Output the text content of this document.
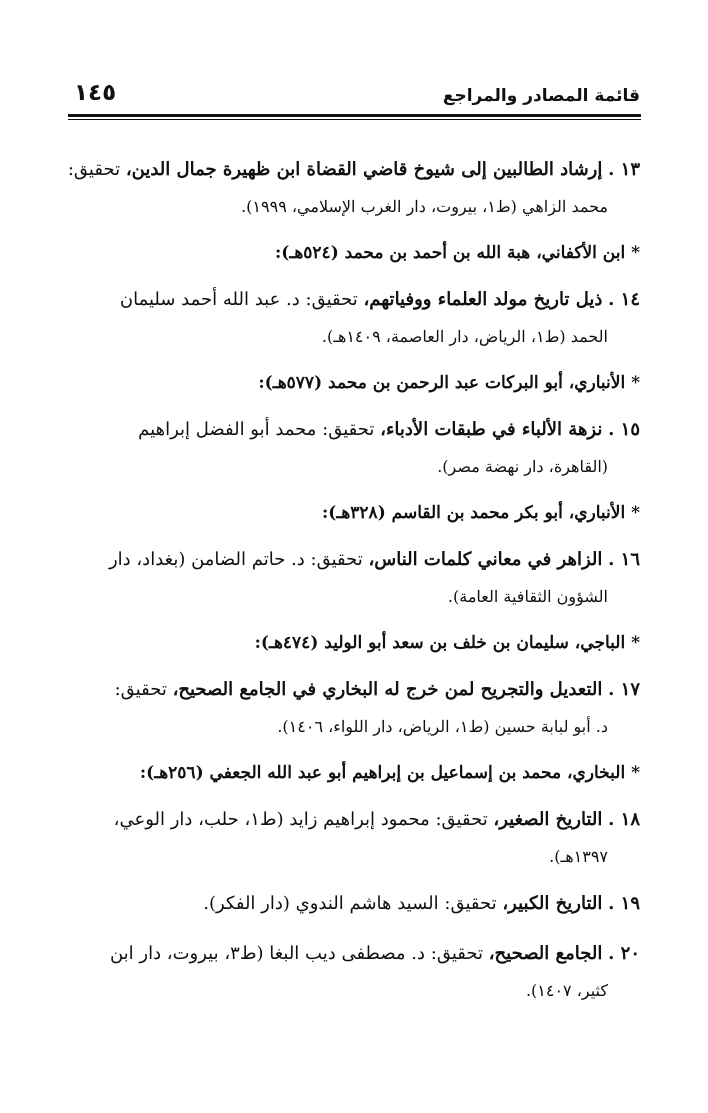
قائمة المصادر والمراجع
١٤٥
١٣ . إرشاد الطالبين إلى شيوخ قاضي القضاة ابن ظهيرة جمال الدين، تحقيق:
محمد الزاهي (ط١، بيروت، دار الغرب الإسلامي، ١٩٩٩).
* ابن الأكفاني، هبة الله بن أحمد بن محمد (٥٢٤هـ):
١٤ . ذيل تاريخ مولد العلماء ووفياتهم، تحقيق: د. عبد الله أحمد سليمان
الحمد (ط١، الرياض، دار العاصمة، ١٤٠٩هـ).
* الأنباري، أبو البركات عبد الرحمن بن محمد (٥٧٧هـ):
١٥ . نزهة الألباء في طبقات الأدباء، تحقيق: محمد أبو الفضل إبراهيم
(القاهرة، دار نهضة مصر).
* الأنباري، أبو بكر محمد بن القاسم (٣٢٨هـ):
١٦ . الزاهر في معاني كلمات الناس، تحقيق: د. حاتم الضامن (بغداد، دار
الشؤون الثقافية العامة).
* الباجي، سليمان بن خلف بن سعد أبو الوليد (٤٧٤هـ):
١٧ . التعديل والتجريح لمن خرج له البخاري في الجامع الصحيح، تحقيق:
د. أبو لبابة حسين (ط١، الرياض، دار اللواء، ١٤٠٦).
* البخاري، محمد بن إسماعيل بن إبراهيم أبو عبد الله الجعفي (٢٥٦هـ):
١٨ . التاريخ الصغير، تحقيق: محمود إبراهيم زايد (ط١، حلب، دار الوعي،
١٣٩٧هـ).
١٩ . التاريخ الكبير، تحقيق: السيد هاشم الندوي (دار الفكر).
٢٠ . الجامع الصحيح، تحقيق: د. مصطفى ديب البغا (ط٣، بيروت، دار ابن
كثير، ١٤٠٧).
